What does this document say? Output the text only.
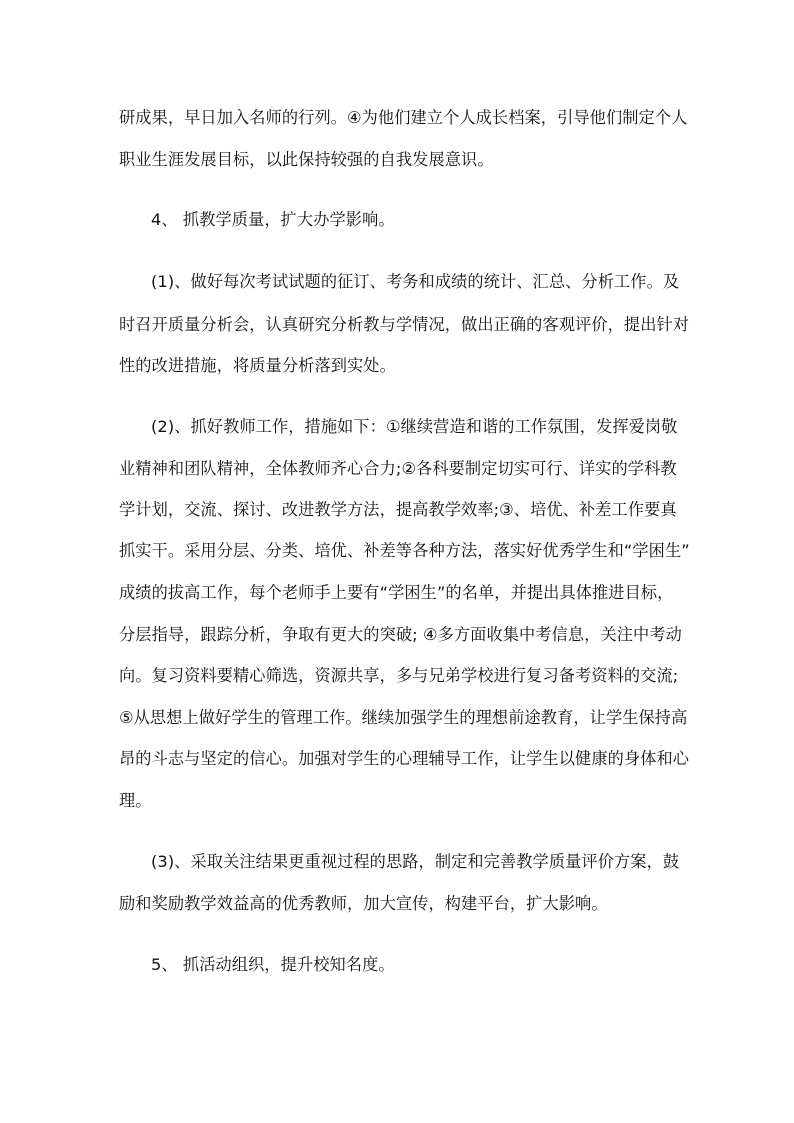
研成果，早日加入名师的行列。④为他们建立个人成长档案，引导他们制定个人
职业生涯发展目标，以此保持较强的自我发展意识。
4、 抓教学质量，扩大办学影响。
(1)、做好每次考试试题的征订、考务和成绩的统计、汇总、分析工作。及
时召开质量分析会，认真研究分析教与学情况，做出正确的客观评价，提出针对
性的改进措施，将质量分析落到实处。
(2)、抓好教师工作，措施如下：①继续营造和谐的工作氛围，发挥爱岗敬
业精神和团队精神，全体教师齐心合力;②各科要制定切实可行、详实的学科教
学计划，交流、探讨、改进教学方法，提高教学效率;③、培优、补差工作要真
抓实干。采用分层、分类、培优、补差等各种方法，落实好优秀学生和“学困生”
成绩的拔高工作，每个老师手上要有“学困生”的名单，并提出具体推进目标，
分层指导，跟踪分析，争取有更大的突破; ④多方面收集中考信息，关注中考动
向。复习资料要精心筛选，资源共享，多与兄弟学校进行复习备考资料的交流;
⑤从思想上做好学生的管理工作。继续加强学生的理想前途教育，让学生保持高
昂的斗志与坚定的信心。加强对学生的心理辅导工作，让学生以健康的身体和心
理。
(3)、采取关注结果更重视过程的思路，制定和完善教学质量评价方案，鼓
励和奖励教学效益高的优秀教师，加大宣传，构建平台，扩大影响。
5、 抓活动组织，提升校知名度。
